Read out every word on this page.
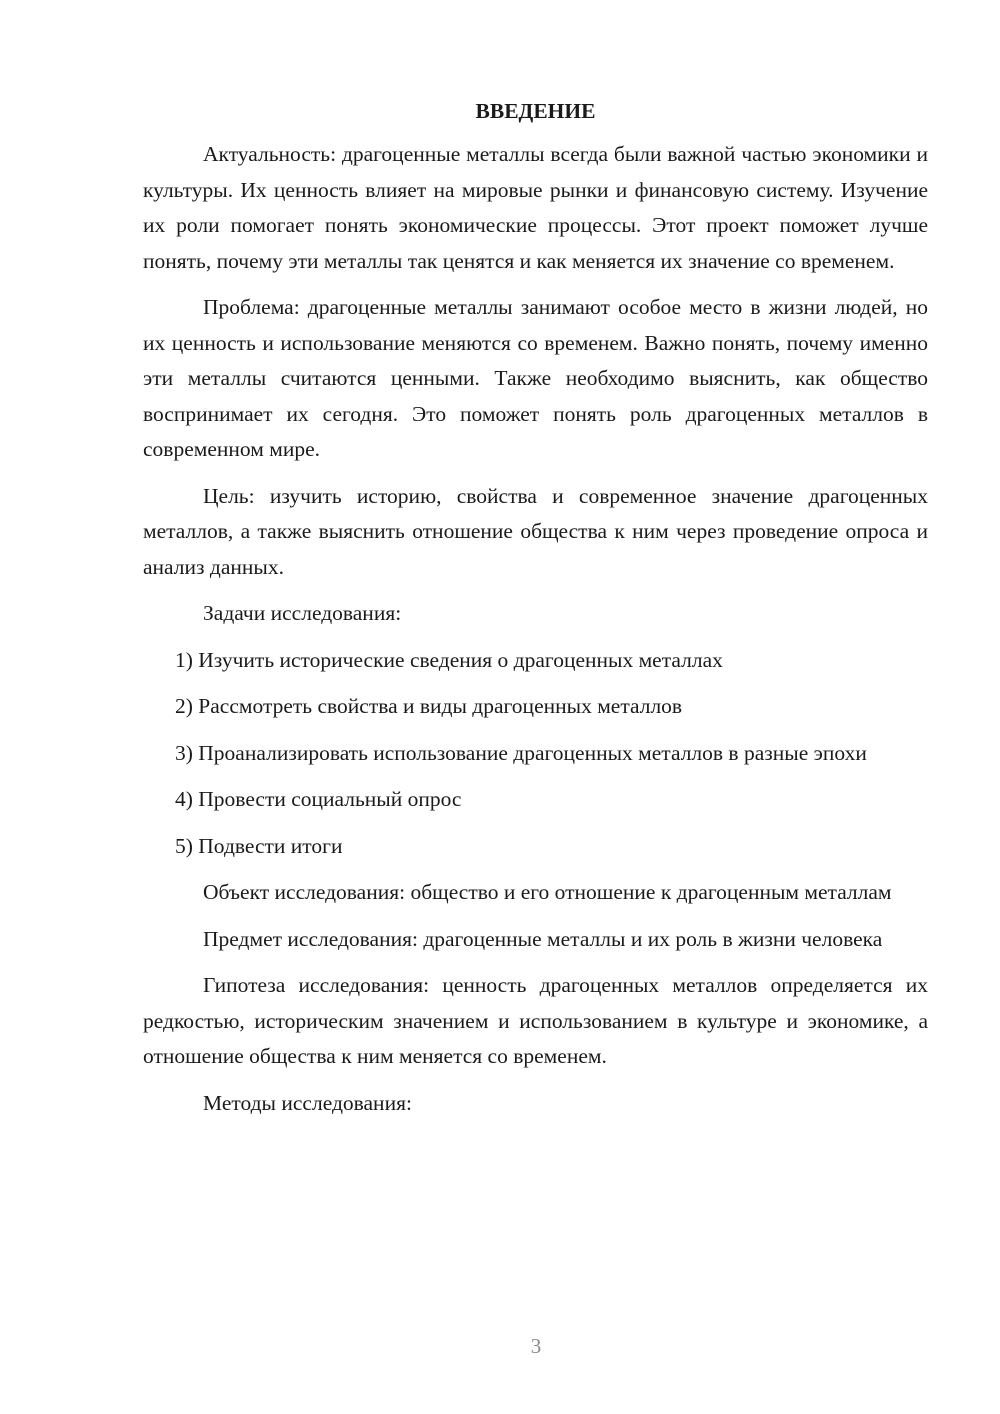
ВВЕДЕНИЕ

Актуальность: драгоценные металлы всегда были важной частью экономики и культуры. Их ценность влияет на мировые рынки и финансовую систему. Изучение их роли помогает понять экономические процессы. Этот проект поможет лучше понять, почему эти металлы так ценятся и как меняется их значение со временем.

Проблема: драгоценные металлы занимают особое место в жизни людей, но их ценность и использование меняются со временем. Важно понять, почему именно эти металлы считаются ценными. Также необходимо выяснить, как общество воспринимает их сегодня. Это поможет понять роль драгоценных металлов в современном мире.

Цель: изучить историю, свойства и современное значение драгоценных металлов, а также выяснить отношение общества к ним через проведение опроса и анализ данных.

Задачи исследования:

1) Изучить исторические сведения о драгоценных металлах

2) Рассмотреть свойства и виды драгоценных металлов

3) Проанализировать использование драгоценных металлов в разные эпохи

4) Провести социальный опрос

5) Подвести итоги

Объект исследования: общество и его отношение к драгоценным металлам

Предмет исследования: драгоценные металлы и их роль в жизни человека

Гипотеза исследования: ценность драгоценных металлов определяется их редкостью, историческим значением и использованием в культуре и экономике, а отношение общества к ним меняется со временем.

Методы исследования:

3
